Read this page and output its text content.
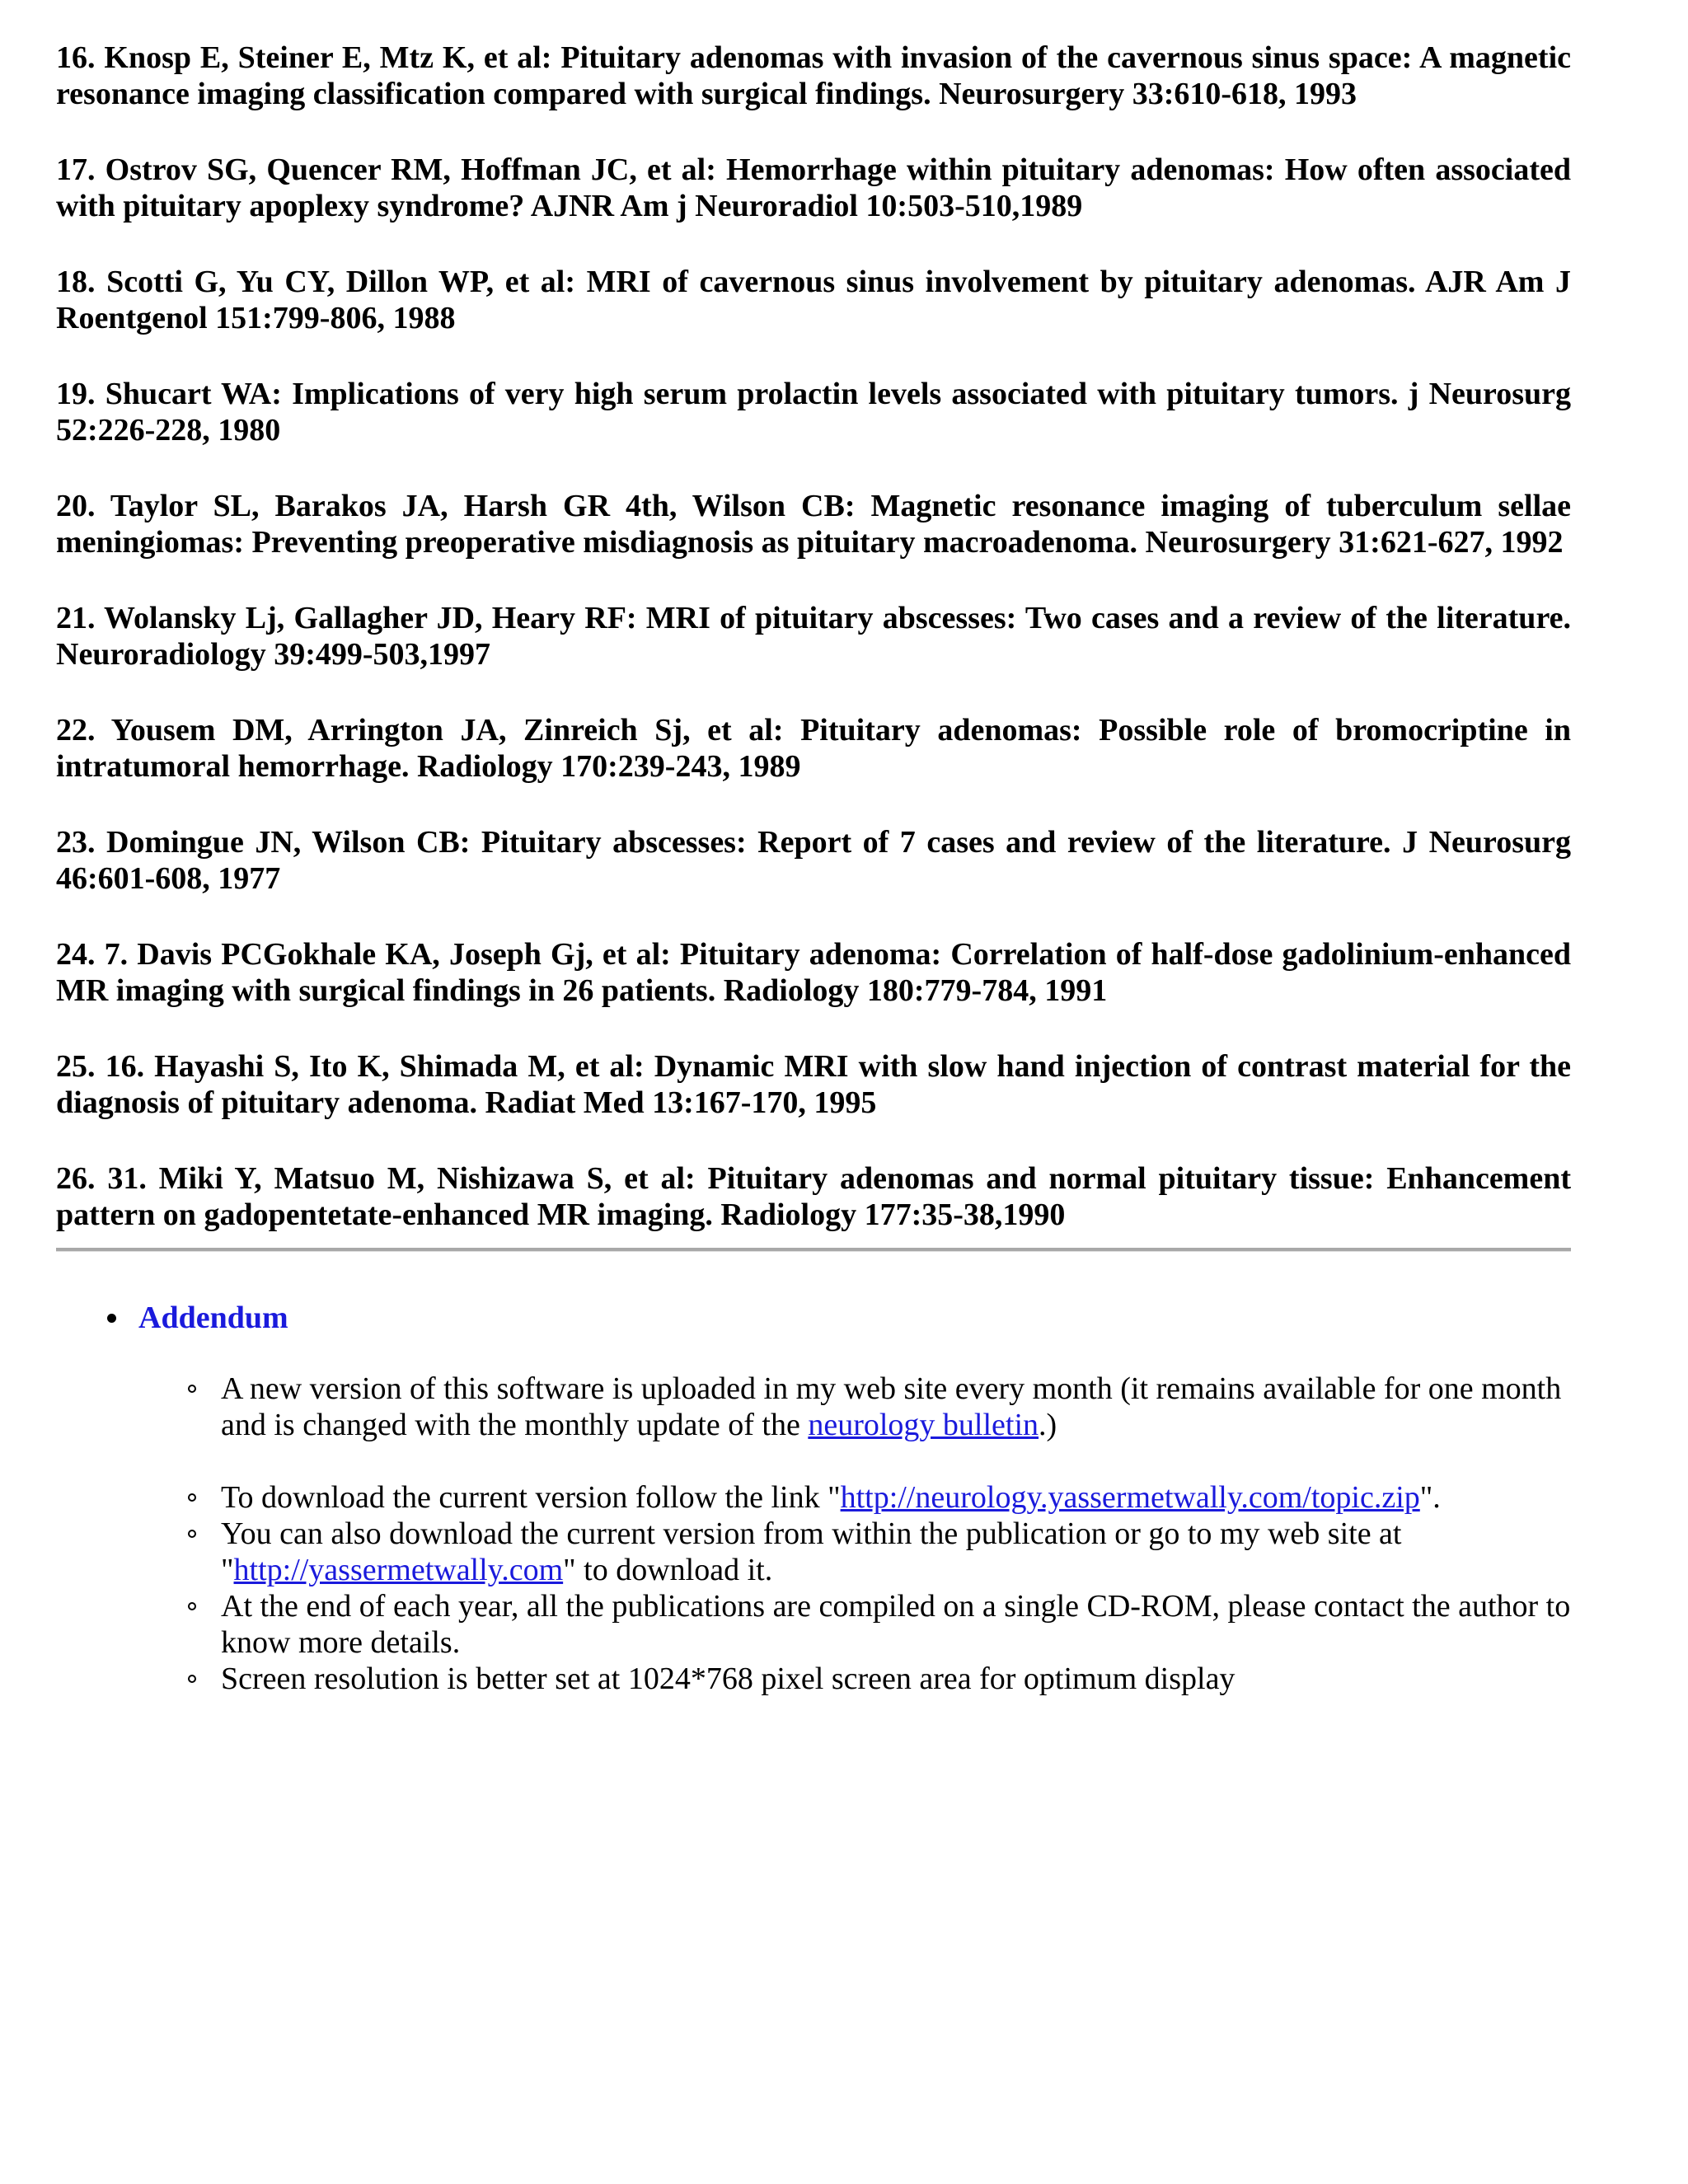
16. Knosp E, Steiner E, Mtz K, et al: Pituitary adenomas with invasion of the cavernous sinus space: A magnetic resonance imaging classification compared with surgical findings. Neurosurgery 33:610-618, 1993

17. Ostrov SG, Quencer RM, Hoffman JC, et al: Hemorrhage within pituitary adenomas: How often associated with pituitary apoplexy syndrome? AJNR Am j Neuroradiol 10:503-510,1989

18. Scotti G, Yu CY, Dillon WP, et al: MRI of cavernous sinus involvement by pituitary adenomas. AJR Am J Roentgenol 151:799-806, 1988

19. Shucart WA: Implications of very high serum prolactin levels associated with pituitary tumors. j Neurosurg 52:226-228, 1980

20. Taylor SL, Barakos JA, Harsh GR 4th, Wilson CB: Magnetic resonance imaging of tuberculum sellae meningiomas: Preventing preoperative misdiagnosis as pituitary macroadenoma. Neurosurgery 31:621-627, 1992

21. Wolansky Lj, Gallagher JD, Heary RF: MRI of pituitary abscesses: Two cases and a review of the literature. Neuroradiology 39:499-503,1997

22. Yousem DM, Arrington JA, Zinreich Sj, et al: Pituitary adenomas: Possible role of bromocriptine in intratumoral hemorrhage. Radiology 170:239-243, 1989

23. Domingue JN, Wilson CB: Pituitary abscesses: Report of 7 cases and review of the literature. J Neurosurg 46:601-608, 1977

24. 7. Davis PCGokhale KA, Joseph Gj, et al: Pituitary adenoma: Correlation of half-dose gadolinium-enhanced MR imaging with surgical findings in 26 patients. Radiology 180:779-784, 1991

25. 16. Hayashi S, Ito K, Shimada M, et al: Dynamic MRI with slow hand injection of contrast material for the diagnosis of pituitary adenoma. Radiat Med 13:167-170, 1995

26. 31. Miki Y, Matsuo M, Nishizawa S, et al: Pituitary adenomas and normal pituitary tissue: Enhancement pattern on gadopentetate-enhanced MR imaging. Radiology 177:35-38,1990

Addendum
A new version of this software is uploaded in my web site every month (it remains available for one month and is changed with the monthly update of the neurology bulletin.)
To download the current version follow the link "http://neurology.yassermetwally.com/topic.zip".
You can also download the current version from within the publication or go to my web site at "http://yassermetwally.com" to download it.
At the end of each year, all the publications are compiled on a single CD-ROM, please contact the author to know more details.
Screen resolution is better set at 1024*768 pixel screen area for optimum display
